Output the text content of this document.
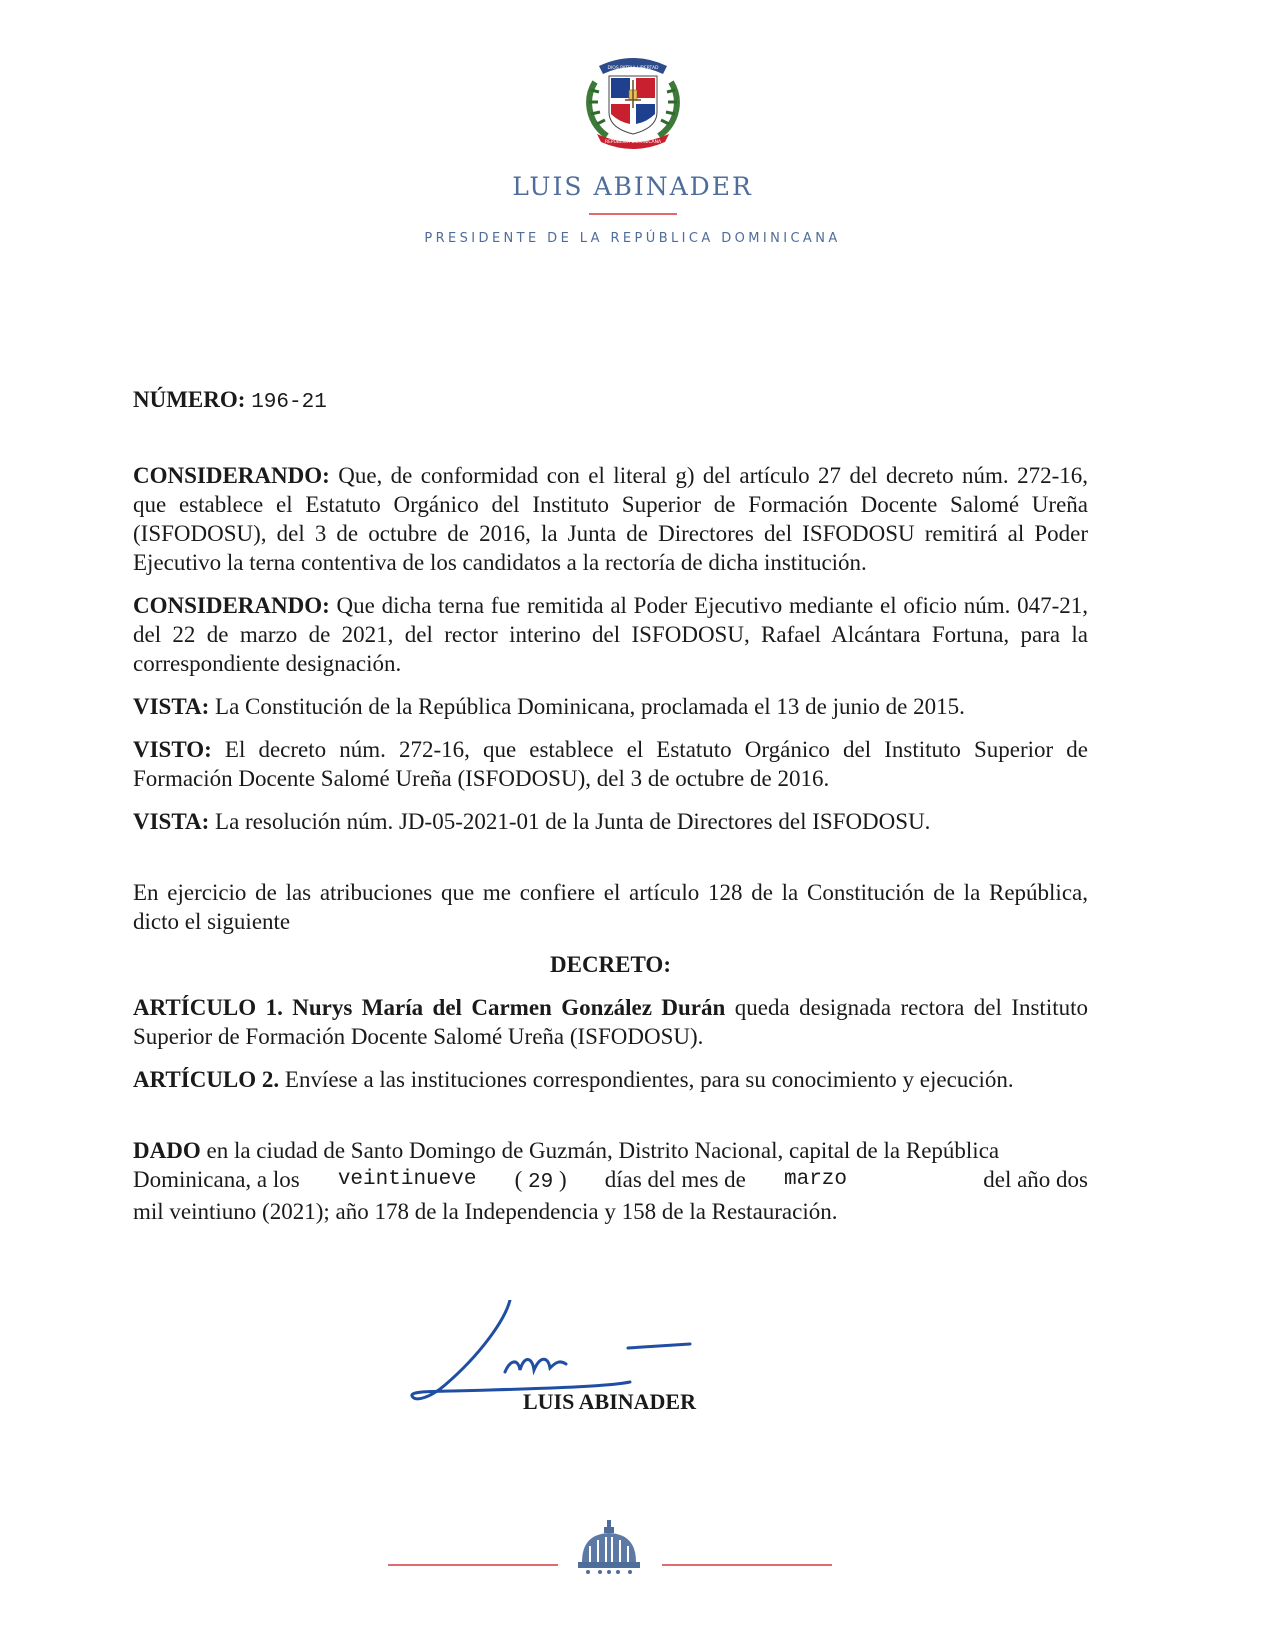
DIOS PATRIA LIBERTAD
REPÚBLICA DOMINICANA
LUIS ABINADER
PRESIDENTE DE LA REPÚBLICA DOMINICANA
NÚMERO: 196-21

CONSIDERANDO: Que, de conformidad con el literal g) del artículo 27 del decreto núm. 272-16, que establece el Estatuto Orgánico del Instituto Superior de Formación Docente Salomé Ureña (ISFODOSU), del 3 de octubre de 2016, la Junta de Directores del ISFODOSU remitirá al Poder Ejecutivo la terna contentiva de los candidatos a la rectoría de dicha institución.

CONSIDERANDO: Que dicha terna fue remitida al Poder Ejecutivo mediante el oficio núm. 047-21, del 22 de marzo de 2021, del rector interino del ISFODOSU, Rafael Alcántara Fortuna, para la correspondiente designación.

VISTA: La Constitución de la República Dominicana, proclamada el 13 de junio de 2015.

VISTO: El decreto núm. 272-16, que establece el Estatuto Orgánico del Instituto Superior de Formación Docente Salomé Ureña (ISFODOSU), del 3 de octubre de 2016.

VISTA: La resolución núm. JD-05-2021-01 de la Junta de Directores del ISFODOSU.

En ejercicio de las atribuciones que me confiere el artículo 128 de la Constitución de la República, dicto el siguiente

DECRETO:

ARTÍCULO 1. Nurys María del Carmen González Durán queda designada rectora del Instituto Superior de Formación Docente Salomé Ureña (ISFODOSU).

ARTÍCULO 2. Envíese a las instituciones correspondientes, para su conocimiento y ejecución.

DADO en la ciudad de Santo Domingo de Guzmán, Distrito Nacional, capital de la República
Dominicana, a los veintinueve ( 29 ) días del mes de marzo	del año dos
mil veintiuno (2021); año 178 de la Independencia y 158 de la Restauración.
LUIS ABINADER
